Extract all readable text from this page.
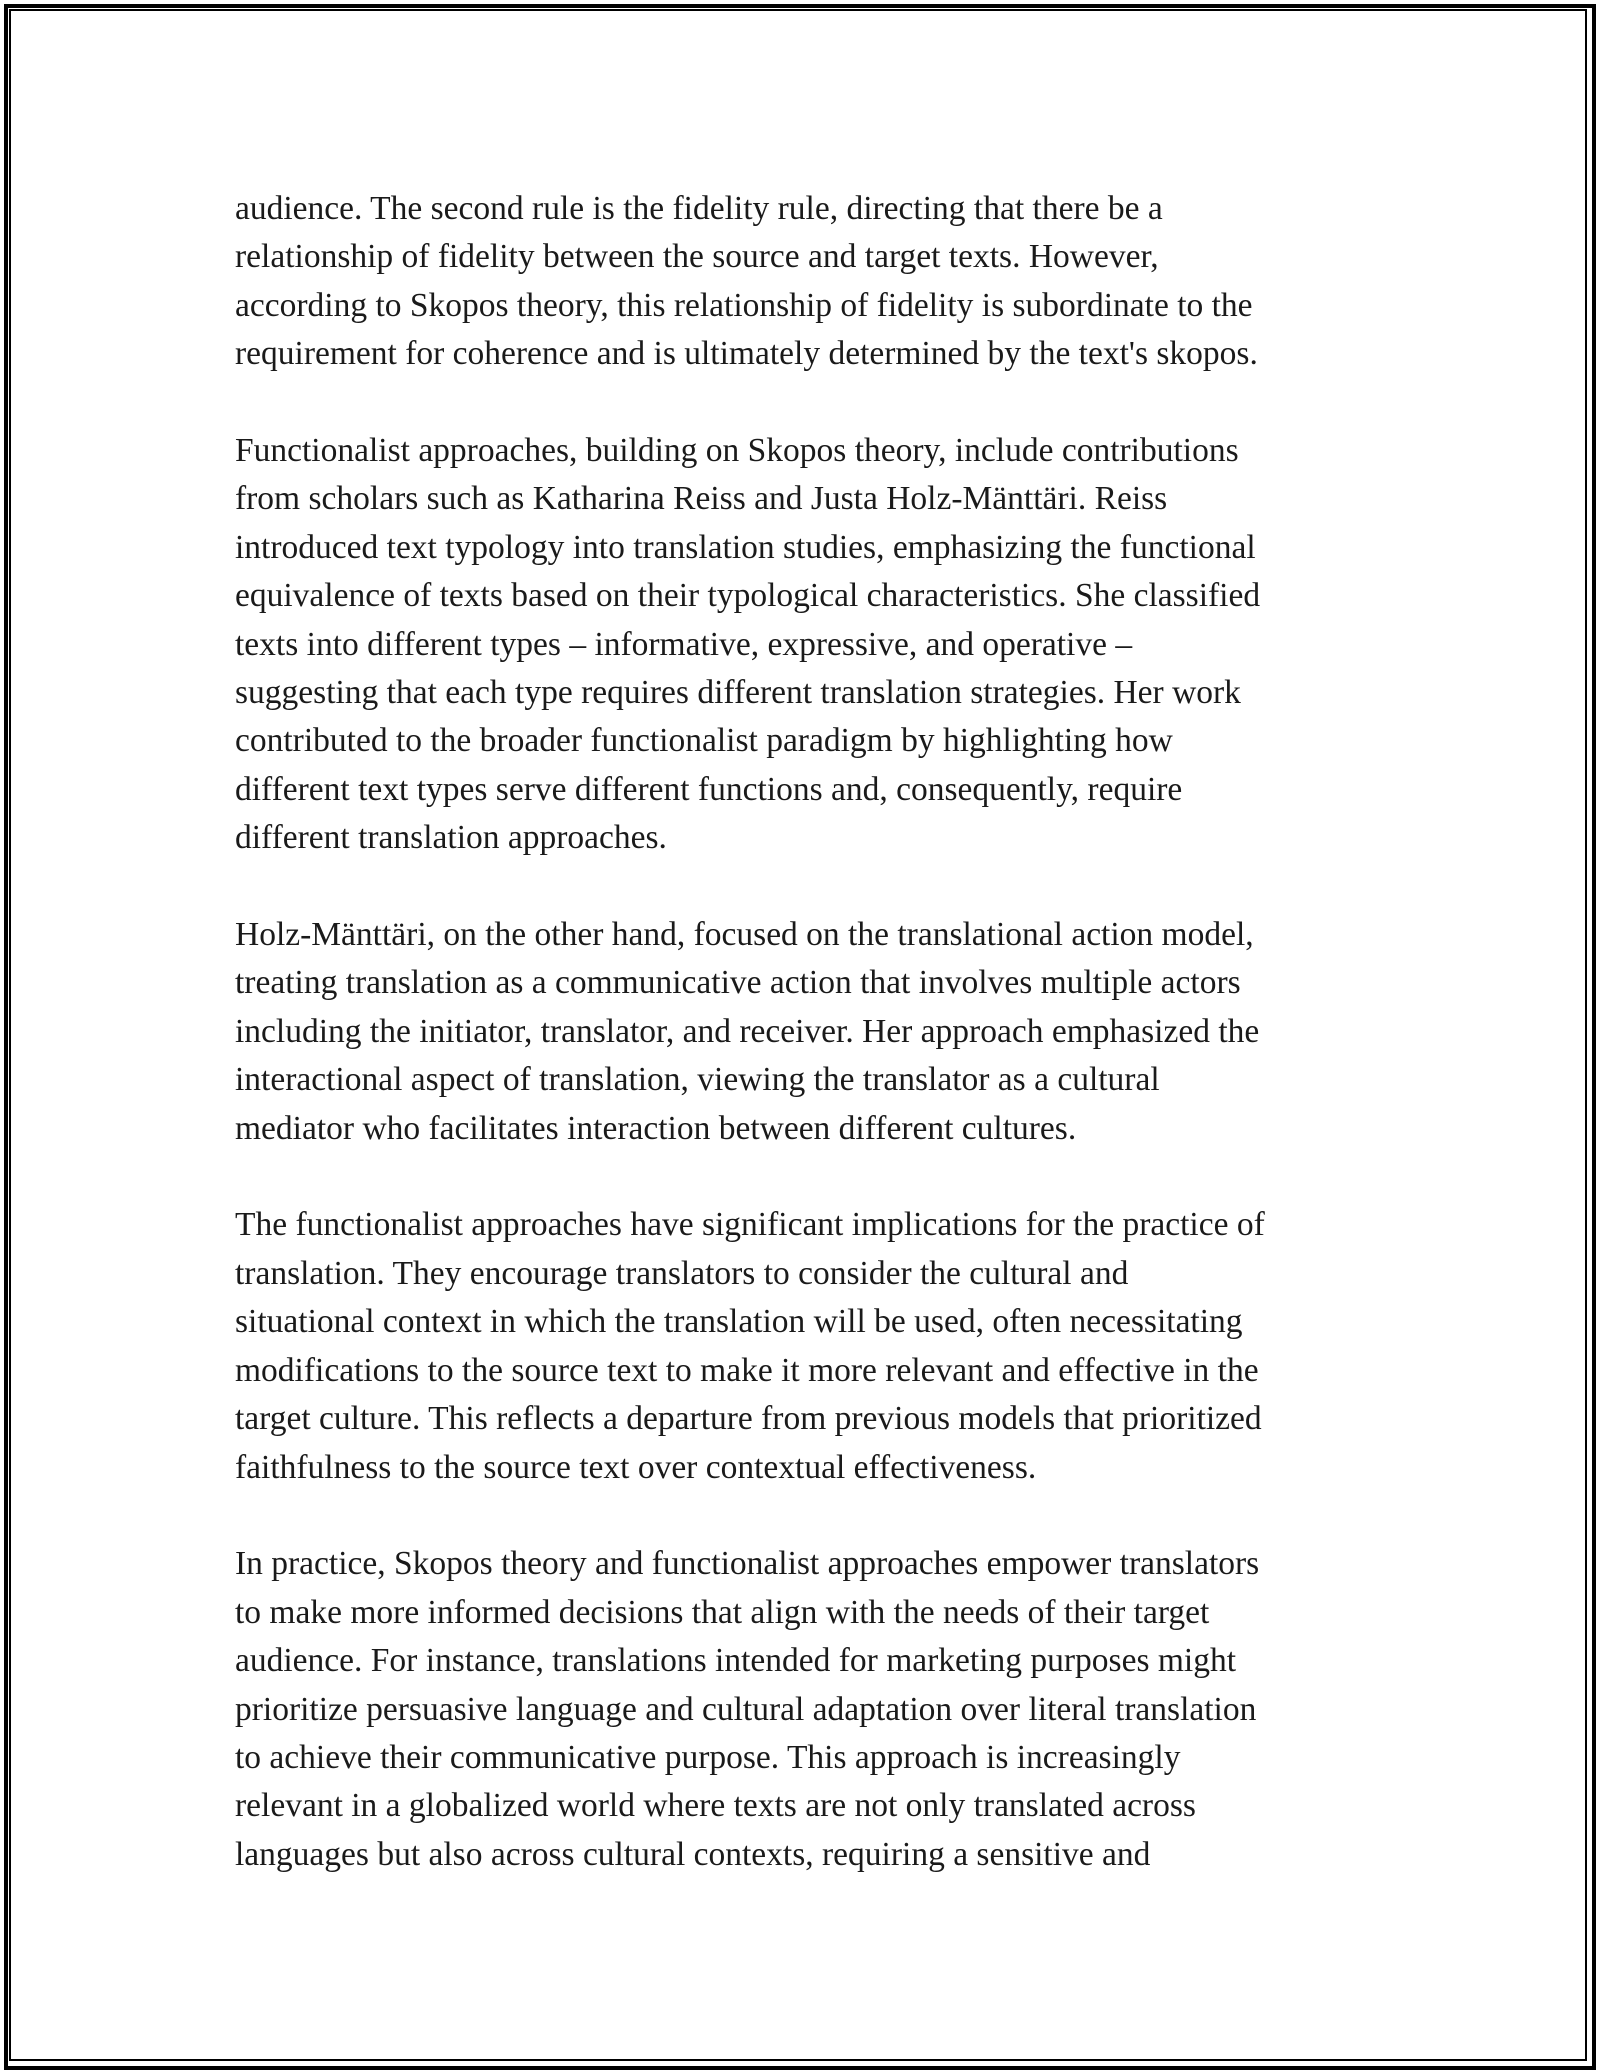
audience. The second rule is the fidelity rule, directing that there be a
relationship of fidelity between the source and target texts. However,
according to Skopos theory, this relationship of fidelity is subordinate to the
requirement for coherence and is ultimately determined by the text's skopos.

Functionalist approaches, building on Skopos theory, include contributions
from scholars such as Katharina Reiss and Justa Holz-Mänttäri. Reiss
introduced text typology into translation studies, emphasizing the functional
equivalence of texts based on their typological characteristics. She classified
texts into different types – informative, expressive, and operative –
suggesting that each type requires different translation strategies. Her work
contributed to the broader functionalist paradigm by highlighting how
different text types serve different functions and, consequently, require
different translation approaches.

Holz-Mänttäri, on the other hand, focused on the translational action model,
treating translation as a communicative action that involves multiple actors
including the initiator, translator, and receiver. Her approach emphasized the
interactional aspect of translation, viewing the translator as a cultural
mediator who facilitates interaction between different cultures.

The functionalist approaches have significant implications for the practice of
translation. They encourage translators to consider the cultural and
situational context in which the translation will be used, often necessitating
modifications to the source text to make it more relevant and effective in the
target culture. This reflects a departure from previous models that prioritized
faithfulness to the source text over contextual effectiveness.

In practice, Skopos theory and functionalist approaches empower translators
to make more informed decisions that align with the needs of their target
audience. For instance, translations intended for marketing purposes might
prioritize persuasive language and cultural adaptation over literal translation
to achieve their communicative purpose. This approach is increasingly
relevant in a globalized world where texts are not only translated across
languages but also across cultural contexts, requiring a sensitive and
